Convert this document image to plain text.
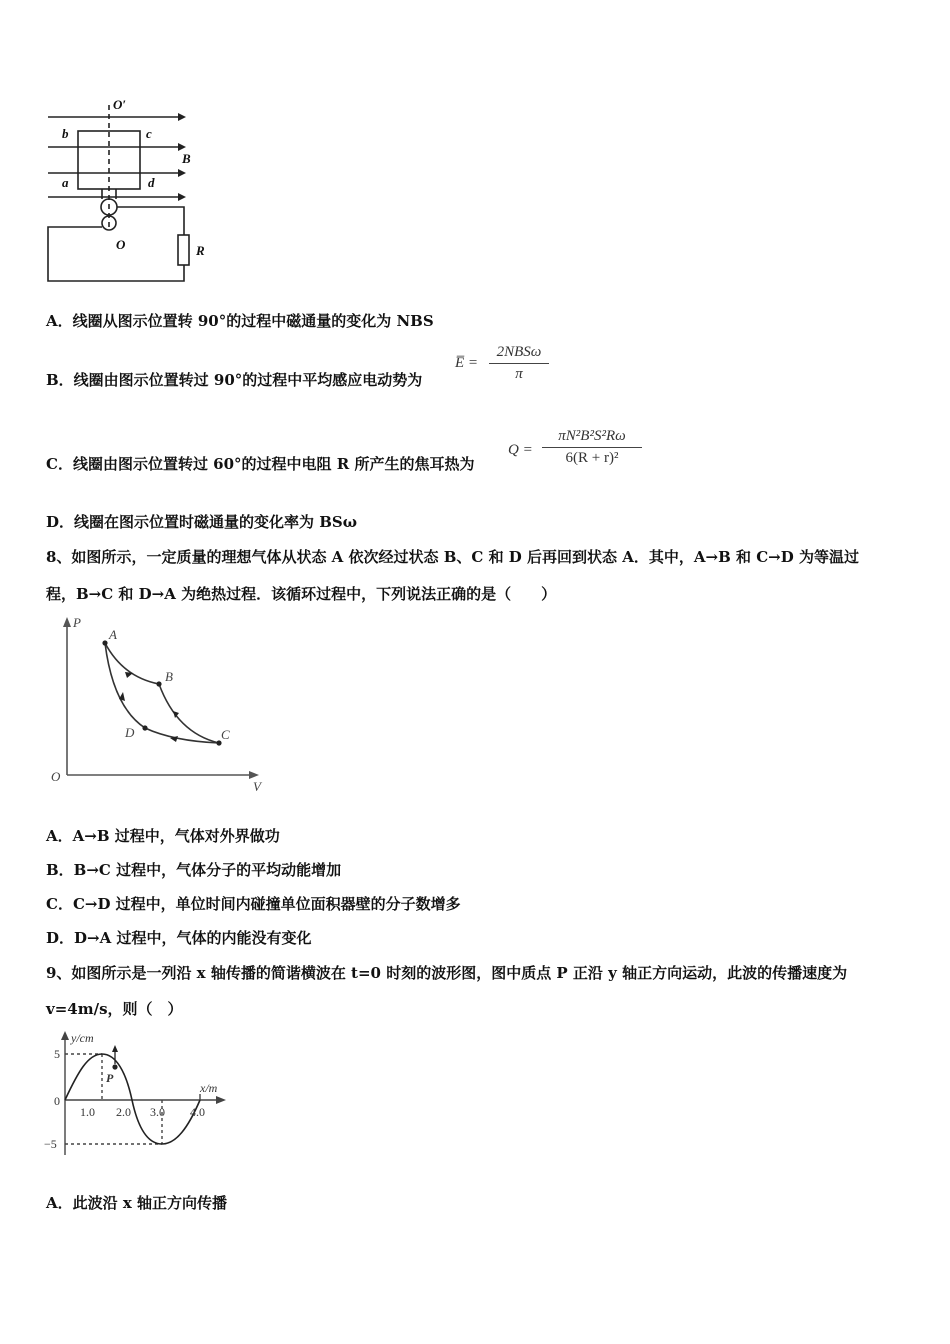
O′
b	c
a	d
B
O	R
A．线圈从图示位置转 90°的过程中磁通量的变化为 NBS
B．线圈由图示位置转过 90°的过程中平均感应电动势为
E̅ =
2NBSω
π
C．线圈由图示位置转过 60°的过程中电阻 R 所产生的焦耳热为
Q =
πN²B²S²Rω
6(R + r)²
D．线圈在图示位置时磁通量的变化率为 BSω
8、如图所示，一定质量的理想气体从状态 A 依次经过状态 B、C 和 D 后再回到状态 A．其中，A→B 和 C→D 为等温过
程，B→C 和 D→A 为绝热过程．该循环过程中，下列说法正确的是（　　）
P
V
O
A
B
C
D
A．A→B 过程中，气体对外界做功
B．B→C 过程中，气体分子的平均动能增加
C．C→D 过程中，单位时间内碰撞单位面积器壁的分子数增多
D．D→A 过程中，气体的内能没有变化
9、如图所示是一列沿 x 轴传播的简谐横波在 t=0 时刻的波形图，图中质点 P 正沿 y 轴正方向运动，此波的传播速度为
v=4m/s，则（　）
y/cm
x/m
P
5
−5
0
1.0 2.0 3.0 4.0
A．此波沿 x 轴正方向传播
